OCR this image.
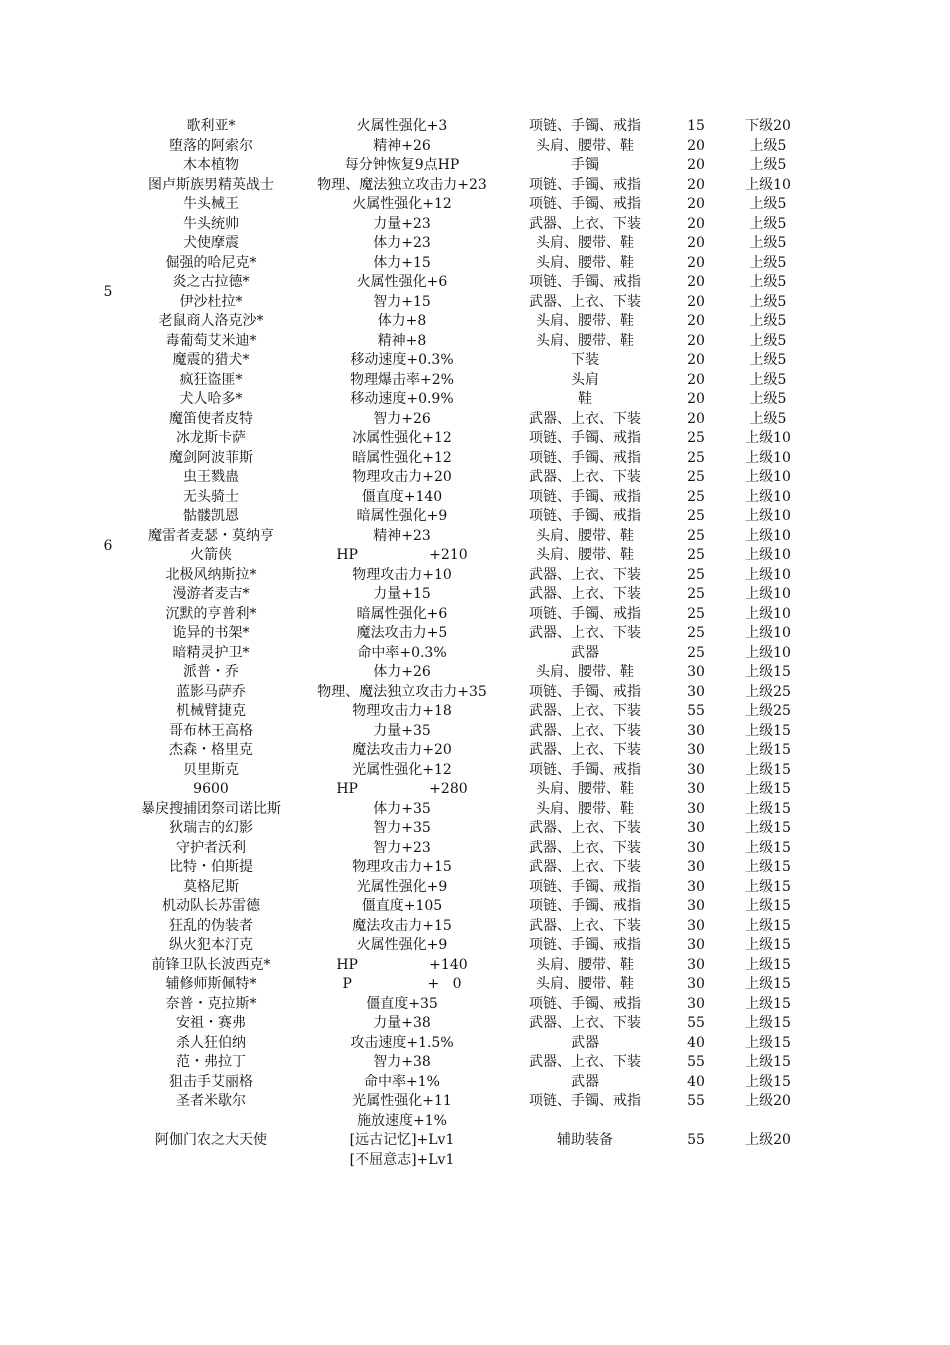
5
6
歌利亚*	火属性强化+3	项链、手镯、戒指	15	下级20
堕落的阿索尔	精神+26	头肩、腰带、鞋	20	上级5
木本植物	每分钟恢复9点HP	手镯	20	上级5
图卢斯族男精英战士	物理、魔法独立攻击力+23	项链、手镯、戒指	20	上级10
牛头械王	火属性强化+12	项链、手镯、戒指	20	上级5
牛头统帅	力量+23	武器、上衣、下装	20	上级5
犬使摩震	体力+23	头肩、腰带、鞋	20	上级5
倔强的哈尼克*	体力+15	头肩、腰带、鞋	20	上级5
炎之古拉德*	火属性强化+6	项链、手镯、戒指	20	上级5
伊沙杜拉*	智力+15	武器、上衣、下装	20	上级5
老鼠商人洛克沙*	体力+8	头肩、腰带、鞋	20	上级5
毒葡萄艾米迪*	精神+8	头肩、腰带、鞋	20	上级5
魔震的猎犬*	移动速度+0.3%	下装	20	上级5
疯狂盗匪*	物理爆击率+2%	头肩	20	上级5
犬人哈多*	移动速度+0.9%	鞋	20	上级5
魔笛使者皮特	智力+26	武器、上衣、下装	20	上级5
冰龙斯卡萨	冰属性强化+12	项链、手镯、戒指	25	上级10
魔剑阿波菲斯	暗属性强化+12	项链、手镯、戒指	25	上级10
虫王戮蛊	物理攻击力+20	武器、上衣、下装	25	上级10
无头骑士	僵直度+140	项链、手镯、戒指	25	上级10
骷髅凯恩	暗属性强化+9	项链、手镯、戒指	25	上级10
魔雷者麦瑟・莫纳亨	精神+23	头肩、腰带、鞋	25	上级10
火箭侠	HP                +210	头肩、腰带、鞋	25	上级10
北极风纳斯拉*	物理攻击力+10	武器、上衣、下装	25	上级10
漫游者麦吉*	力量+15	武器、上衣、下装	25	上级10
沉默的亨普利*	暗属性强化+6	项链、手镯、戒指	25	上级10
诡异的书架*	魔法攻击力+5	武器、上衣、下装	25	上级10
暗精灵护卫*	命中率+0.3%	武器	25	上级10
派普・乔	体力+26	头肩、腰带、鞋	30	上级15
蓝影马萨乔	物理、魔法独立攻击力+35	项链、手镯、戒指	30	上级25
机械臂捷克	物理攻击力+18	武器、上衣、下装	55	上级25
哥布林王高格	力量+35	武器、上衣、下装	30	上级15
杰森・格里克	魔法攻击力+20	武器、上衣、下装	30	上级15
贝里斯克	光属性强化+12	项链、手镯、戒指	30	上级15
9600	HP                +280	头肩、腰带、鞋	30	上级15
暴戾搜捕团祭司诺比斯	体力+35	头肩、腰带、鞋	30	上级15
狄瑞吉的幻影	智力+35	武器、上衣、下装	30	上级15
守护者沃利	智力+23	武器、上衣、下装	30	上级15
比特・伯斯提	物理攻击力+15	武器、上衣、下装	30	上级15
莫格尼斯	光属性强化+9	项链、手镯、戒指	30	上级15
机动队长苏雷德	僵直度+105	项链、手镯、戒指	30	上级15
狂乱的伪装者	魔法攻击力+15	武器、上衣、下装	30	上级15
纵火犯本汀克	火属性强化+9	项链、手镯、戒指	30	上级15
前锋卫队长波西克*	HP                +140	头肩、腰带、鞋	30	上级15
辅修师斯佩特*	P                 +   0	头肩、腰带、鞋	30	上级15
奈普・克拉斯*	僵直度+35	项链、手镯、戒指	30	上级15
安祖・赛弗	力量+38	武器、上衣、下装	55	上级15
杀人狂伯纳	攻击速度+1.5%	武器	40	上级15
范・弗拉丁	智力+38	武器、上衣、下装	55	上级15
狙击手艾丽格	命中率+1%	武器	40	上级15
圣者米歇尔	光属性强化+11	项链、手镯、戒指	55	上级20
施放速度+1%
阿伽门农之大天使	[远古记忆]+Lv1	辅助装备	55	上级20
[不屈意志]+Lv1
